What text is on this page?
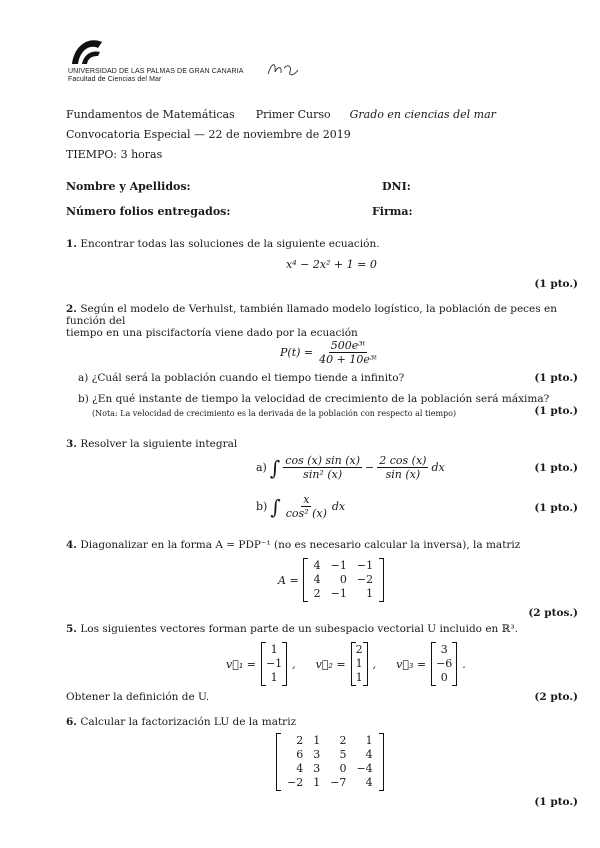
UNIVERSIDAD DE LAS PALMAS DE GRAN CANARIA
Facultad de Ciencias del Mar
Fundamentos de Matemáticas Primer Curso Grado en ciencias del mar
Convocatoria Especial — 22 de noviembre de 2019
TIEMPO: 3 horas
Nombre y Apellidos:	DNI:
Número folios entregados:	Firma:
1. Encontrar todas las soluciones de la siguiente ecuación.
x⁴ − 2x² + 1 = 0
(1 pto.)
2. Según el modelo de Verhulst, también llamado modelo logístico, la población de peces en función del
tiempo en una piscifactoría viene dado por la ecuación
$P(t) = \frac{\text{500e³ᵗ}}{\text{40 + 10e³ᵗ}}$
a) ¿Cuál será la población cuando el tiempo tiende a infinito?	(1 pto.)
b) ¿En qué instante de tiempo la velocidad de crecimiento de la población será máxima?
(Nota: La velocidad de crecimiento es la derivada de la población con respecto al tiempo)	(1 pto.)
3. Resolver la siguiente integral
a) ∫ $\frac{\cos (x) \sin (x)}{\text{sin² (x)}} - \frac{2 \cos (x)}{\sin (x)}$ dx	(1 pto.)
b) ∫ $\frac{x}{\text{cos² (x)}}$ dx	(1 pto.)
4. Diagonalizar en la forma A = PDP⁻¹ (no es necesario calcular la inversa), la matriz
A =
4 −1 −1
4	0 −2
2 −1	1
(2 ptos.)
5. Los siguientes vectores forman parte de un subespacio vectorial U incluido en ℝ³.
v⃗₁ =
1
−1
1
, v⃗₂ =
2
1
1
, v⃗₃ =
3
−6
0
.
Obtener la definición de U.	(2 pto.)
6. Calcular la factorización LU de la matriz
2 1	2	1
6 3	5	4
4 3	0 −4
−2 1 −7	4
(1 pto.)
